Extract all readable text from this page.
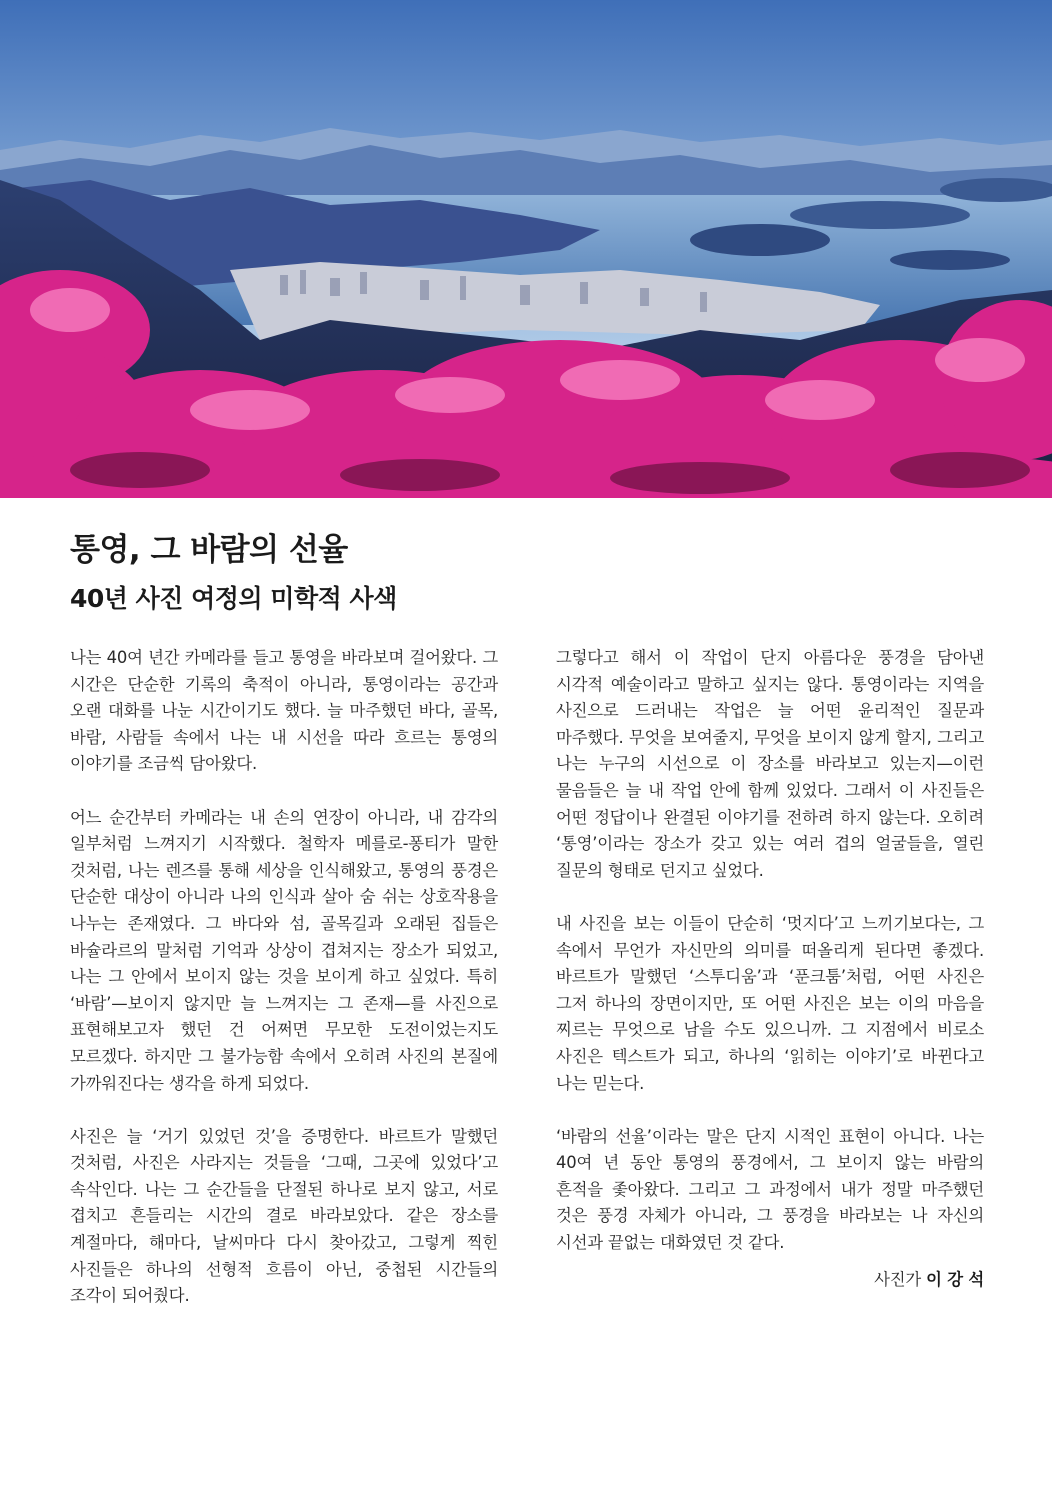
통영, 그 바람의 선율
40년 사진 여정의 미학적 사색

나는 40여 년간 카메라를 들고 통영을 바라보며 걸어왔다. 그 시간은 단순한 기록의 축적이 아니라, 통영이라는 공간과 오랜 대화를 나눈 시간이기도 했다. 늘 마주했던 바다, 골목, 바람, 사람들 속에서 나는 내 시선을 따라 흐르는 통영의 이야기를 조금씩 담아왔다.

어느 순간부터 카메라는 내 손의 연장이 아니라, 내 감각의 일부처럼 느껴지기 시작했다. 철학자 메를로-퐁티가 말한 것처럼, 나는 렌즈를 통해 세상을 인식해왔고, 통영의 풍경은 단순한 대상이 아니라 나의 인식과 살아 숨 쉬는 상호작용을 나누는 존재였다. 그 바다와 섬, 골목길과 오래된 집들은 바슐라르의 말처럼 기억과 상상이 겹쳐지는 장소가 되었고, 나는 그 안에서 보이지 않는 것을 보이게 하고 싶었다. 특히 ‘바람’—보이지 않지만 늘 느껴지는 그 존재—를 사진으로 표현해보고자 했던 건 어쩌면 무모한 도전이었는지도 모르겠다. 하지만 그 불가능함 속에서 오히려 사진의 본질에 가까워진다는 생각을 하게 되었다.

사진은 늘 ‘거기 있었던 것’을 증명한다. 바르트가 말했던 것처럼, 사진은 사라지는 것들을 ‘그때, 그곳에 있었다’고 속삭인다. 나는 그 순간들을 단절된 하나로 보지 않고, 서로 겹치고 흔들리는 시간의 결로 바라보았다. 같은 장소를 계절마다, 해마다, 날씨마다 다시 찾아갔고, 그렇게 찍힌 사진들은 하나의 선형적 흐름이 아닌, 중첩된 시간들의 조각이 되어줬다.

그렇다고 해서 이 작업이 단지 아름다운 풍경을 담아낸 시각적 예술이라고 말하고 싶지는 않다. 통영이라는 지역을 사진으로 드러내는 작업은 늘 어떤 윤리적인 질문과 마주했다. 무엇을 보여줄지, 무엇을 보이지 않게 할지, 그리고 나는 누구의 시선으로 이 장소를 바라보고 있는지—이런 물음들은 늘 내 작업 안에 함께 있었다. 그래서 이 사진들은 어떤 정답이나 완결된 이야기를 전하려 하지 않는다. 오히려 ‘통영’이라는 장소가 갖고 있는 여러 겹의 얼굴들을, 열린 질문의 형태로 던지고 싶었다.

내 사진을 보는 이들이 단순히 ‘멋지다’고 느끼기보다는, 그 속에서 무언가 자신만의 의미를 떠올리게 된다면 좋겠다. 바르트가 말했던 ‘스투디움’과 ‘푼크툼’처럼, 어떤 사진은 그저 하나의 장면이지만, 또 어떤 사진은 보는 이의 마음을 찌르는 무엇으로 남을 수도 있으니까. 그 지점에서 비로소 사진은 텍스트가 되고, 하나의 ‘읽히는 이야기’로 바뀐다고 나는 믿는다.

‘바람의 선율’이라는 말은 단지 시적인 표현이 아니다. 나는 40여 년 동안 통영의 풍경에서, 그 보이지 않는 바람의 흔적을 좇아왔다. 그리고 그 과정에서 내가 정말 마주했던 것은 풍경 자체가 아니라, 그 풍경을 바라보는 나 자신의 시선과 끝없는 대화였던 것 같다.

사진가 이 강 석
